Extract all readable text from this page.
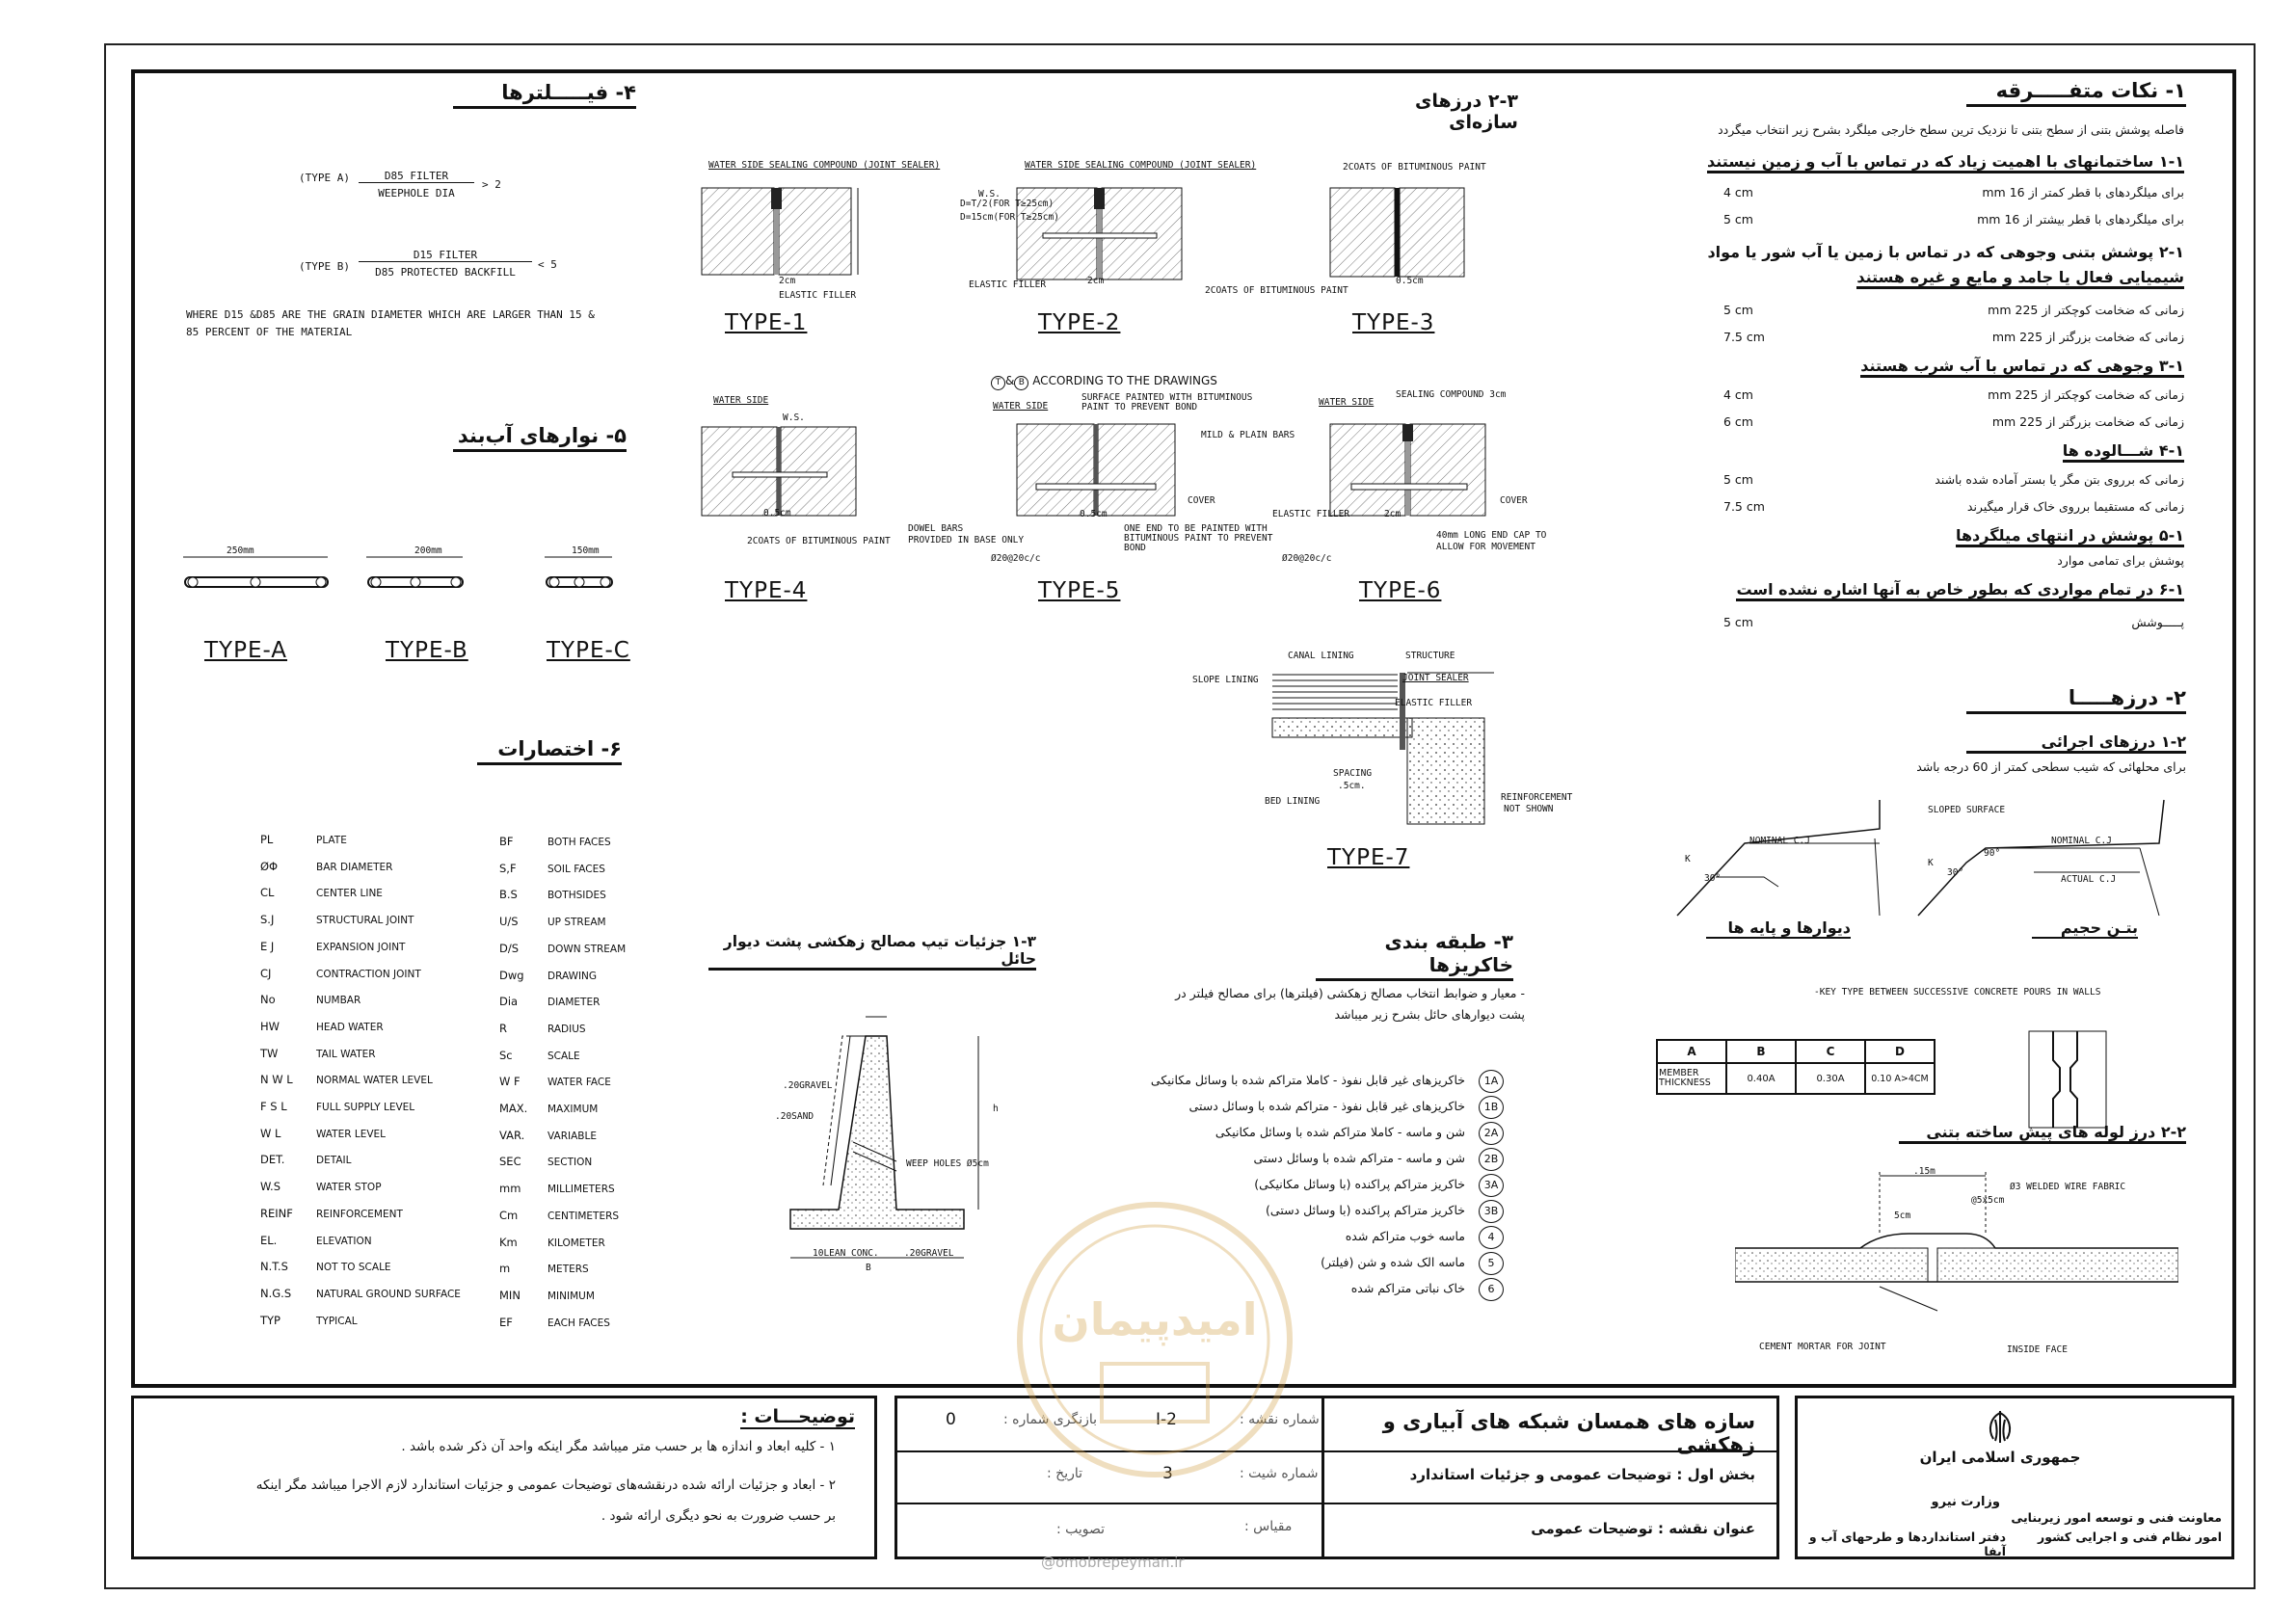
۴- فیـــــلترها
(TYPE A)	D85 FILTER
WEEPHOLE DIA
> 2
(TYPE B)
D15 FILTER
D85 PROTECTED BACKFILL
< 5
WHERE D15 &D85 ARE THE GRAIN DIAMETER WHICH ARE LARGER THAN 15 &
85 PERCENT OF THE MATERIAL
۵- نوارهای آب‌بند
250mm	200mm	150mm
TYPE-A	TYPE-B	TYPE-C
۶- اختصارات
PL	PLATE
ØΦ	BAR DIAMETER
CL	CENTER LINE
S.J	STRUCTURAL JOINT
E J	EXPANSION JOINT
CJ	CONTRACTION JOINT
No	NUMBAR
HW	HEAD WATER
TW	TAIL WATER
N W L NORMAL WATER LEVEL
F S L	FULL SUPPLY LEVEL
W L	WATER LEVEL
DET.	DETAIL
W.S	WATER STOP
REINF REINFORCEMENT
EL.	ELEVATION
N.T.S	NOT TO SCALE
N.G.S NATURAL GROUND SURFACE
TYP	TYPICAL
BF	BOTH FACES
S,F	SOIL FACES
B.S	BOTHSIDES
U/S	UP STREAM
D/S	DOWN STREAM
Dwg DRAWING
Dia	DIAMETER
R	RADIUS
Sc	SCALE
W F	WATER FACE
MAX. MAXIMUM
VAR. VARIABLE
SEC	SECTION
mm	MILLIMETERS
Cm	CENTIMETERS
Km	KILOMETER
m	METERS
MIN	MINIMUM
EF	EACH FACES
۲-۳ درزهای سازه‌ای
TYPE-1	TYPE-2	TYPE-3
TYPE-4	TYPE-5	TYPE-6
TYPE-7
WATER SIDE SEALING COMPOUND (JOINT SEALER)
ELASTIC FILLER
2cm
WATER SIDE SEALING COMPOUND (JOINT SEALER)
W.S.
D=T/2(FOR T≥25cm)
D=15cm(FOR T≥25cm)
ELASTIC FILLER	2cm
2COATS OF BITUMINOUS PAINT
2COATS OF BITUMINOUS PAINT
0.5cm
WATER SIDE
W.S.
0.5cm
2COATS OF BITUMINOUS PAINT
T & B ACCORDING TO THE DRAWINGS
WATER SIDE
SURFACE PAINTED WITH BITUMINOUS PAINT TO PREVENT BOND
MILD & PLAIN BARS
COVER
DOWEL BARS
PROVIDED IN BASE ONLY
ONE END TO BE PAINTED WITH BITUMINOUS PAINT TO PREVENT BOND
Ø20@20c/c
0.5cm
WATER SIDE
SEALING COMPOUND 3cm
ELASTIC FILLER
COVER
40mm LONG END CAP TO
ALLOW FOR MOVEMENT
Ø20@20c/c
2cm
CANAL LINING	STRUCTURE
SLOPE LINING	JOINT SEALER
ELASTIC FILLER
SPACING
.5cm.
BED LINING	REINFORCEMENT
NOT SHOWN
۱-۳ جزئیات تیپ مصالح زهکشی پشت دیوار حائل
.20GRAVEL
.20SAND
WEEP HOLES Ø5cm
10LEAN CONC.	.20GRAVEL
B
h
۳- طبقه بندی خاکریزها
- معیار و ضوابط انتخاب مصالح زهکشی (فیلترها) برای مصالح فیلتر در پشت دیوارهای حائل بشرح زیر میباشد
1Aخاکریزهای غیر قابل نفوذ - کاملا متراکم شده با وسائل مکانیکی
1Bخاکریزهای غیر قابل نفوذ - متراکم شده با وسائل دستی
2Aشن و ماسه - کاملا متراکم شده با وسائل مکانیکی
2Bشن و ماسه - متراکم شده با وسائل دستی
3Aخاکریز متراکم پراکنده (با وسائل مکانیکی)
3Bخاکریز متراکم پراکنده (با وسائل دستی)
4ماسه خوب متراکم شده
5ماسه الک شده و شن (فیلتر)
6خاک نباتی متراکم شده
۱- نکات متفـــــرقه
فاصله پوشش بتنی از سطح بتنی تا نزدیک ترین سطح خارجی میلگرد بشرح زیر انتخاب میگردد
۱-۱ ساختمانهای با اهمیت زیاد که در تماس با آب و زمین نیستند
برای میلگردهای با قطر کمتر از 16 mm
4 cm
برای میلگردهای با قطر بیشتر از 16 mm
5 cm
۲-۱ پوشش بتنی وجوهی که در تماس با زمین یا آب شور یا مواد
شیمیایی فعال یا جامد و مایع و غیره هستند
زمانی که ضخامت کوچکتر از 225 mm
5 cm
زمانی که ضخامت بزرگتر از 225 mm
7.5 cm
۳-۱ وجوهی که در تماس با آب شرب هستند
زمانی که ضخامت کوچکتر از 225 mm
4 cm
زمانی که ضخامت بزرگتر از 225 mm
6 cm
۴-۱ شـــالوده ها
زمانی که برروی بتن مگر یا بستر آماده شده باشند
5 cm
زمانی که مستقیما برروی خاک قرار میگیرند
7.5 cm
۵-۱ پوشش در انتهای میلگردها
پوشش برای تمامی موارد
۶-۱ در تمام مواردی که بطور خاص به آنها اشاره نشده است
پـــــوشش
5 cm
۲- درزهـــــا
۱-۲ درزهای اجرائی
برای محلهائی که شیب سطحی کمتر از 60 درجه باشد
NOMINAL C.J
K
30°
SLOPED SURFACE
NOMINAL C.J
90°
30°
K
ACTUAL C.J
دیوارها و پایه ها	بتـن حجیم
-KEY TYPE BETWEEN SUCCESSIVE CONCRETE POURS IN WALLS
A	B	C	D
MEMBER THICKNESS	0.40A	0.30A	0.10 A>4CM
۲-۲ درز لوله های پیش ساخته بتنی
.15m
Ø3 WELDED WIRE FABRIC
@5x5cm
5cm
CEMENT MORTAR FOR JOINT	INSIDE FACE
توضیحـــات :
۱ - کلیه ابعاد و اندازه ها بر حسب متر میباشد مگر اینکه واحد آن ذکر شده باشد .
۲ - ابعاد و جزئیات ارائه شده درنقشه‌های توضیحات عمومی و جزئیات استاندارد لازم الاجرا میباشد مگر اینکه
بر حسب ضرورت به نحو دیگری ارائه شود .
شماره نقشه :
I-2
بازنگری شماره :
0
شماره شیت :
3
تاریخ :
مقیاس :
تصویب :
سازه های همسان شبکه های آبیاری و زهکشی
بخش اول : توضیحات عمومی و جزئیات استاندارد
عنوان نقشه : توضیحات عمومی
جمهوری اسلامی ایران
وزارت نیرو
معاونت فنی و توسعه امور زیربنایی
امور نظام فنی و اجرایی کشور
دفتر استانداردها و طرحهای آب و آبفا
امیدپیمان
@omobrepeyman.ir
